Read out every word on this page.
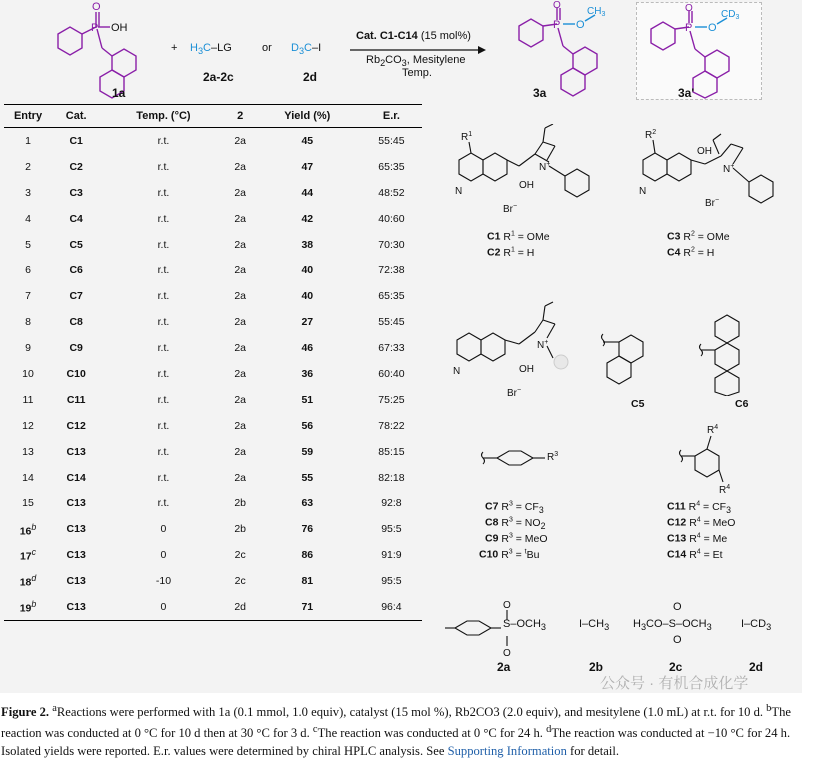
O
P OH
1a
+ $H_3C-LG$
2a-2c
or $D_3C-I$
2d
Cat. C1-C14 (15 mol%)
$Rb_2CO_3$, Mesitylene
Temp.
O
P O
$CH_3$
3a
O
P O
$CD_3$
3a'
Entry	Cat.	Temp. (°C)	2	Yield (%)	E.r.
1	C1	r.t.	2a	45	55:45
2	C2	r.t.	2a	47	65:35
3	C3	r.t.	2a	44	48:52
4	C4	r.t.	2a	42	40:60
5	C5	r.t.	2a	38	70:30
6	C6	r.t.	2a	40	72:38
7	C7	r.t.	2a	40	65:35
8	C8	r.t.	2a	27	55:45
9	C9	r.t.	2a	46	67:33
10	C10	r.t.	2a	36	60:40
11	C11	r.t.	2a	51	75:25
12	C12	r.t.	2a	56	78:22
13	C13	r.t.	2a	59	85:15
14	C14	r.t.	2a	55	82:18
15	C13	r.t.	2b	63	92:8
16$^b$	C13	0	2b	76	95:5
17$^c$	C13	0	2c	86	91:9
18$^d$	C13	-10	2c	81	95:5
19$^b$	C13	0	2d	71	96:4
$R^1$
N
N+
OH
Br−
C1 $R^1$ = OMe
C2 $R^1 = H$
$R^2$
N
N+
OH
Br−
C3 $R^2$ = OMe
C4 $R^2 = H$
N
N+
OH
Br−
C5	C6
$R^3$
C7 $R^3 = CF_3$
C8 $R^3 = NO_2$
C9 $R^3$ = MeO
C10 $R^3 = ^tBu$
$R^4$
$R^4$
C11 $R^4 = CF_3$
C12 $R^4$ = MeO
C13 $R^4 = Me$
C14 $R^4 = Et$
O
O
$S-OCH_3$	$I-CH_3$ $H_3CO-S-OCH_3$
O
O
$I-CD_3$
2a	2b	2c	2d
公众号 · 有机合成化学
Figure 2. $^a$Reactions were performed with 1a (0.1 mmol, 1.0 equiv), catalyst (15 mol %), Rb2CO3 (2.0 equiv), and mesitylene (1.0 mL) at r.t. for 10 d. $^b$The reaction was conducted at 0 °C for 10 d then at 30 °C for 3 d. $^c$The reaction was conducted at 0 °C for 24 h. $^d$The reaction was conducted at −10 °C for 24 h. Isolated yields were reported. E.r. values were determined by chiral HPLC analysis. See Supporting Information for detail.
